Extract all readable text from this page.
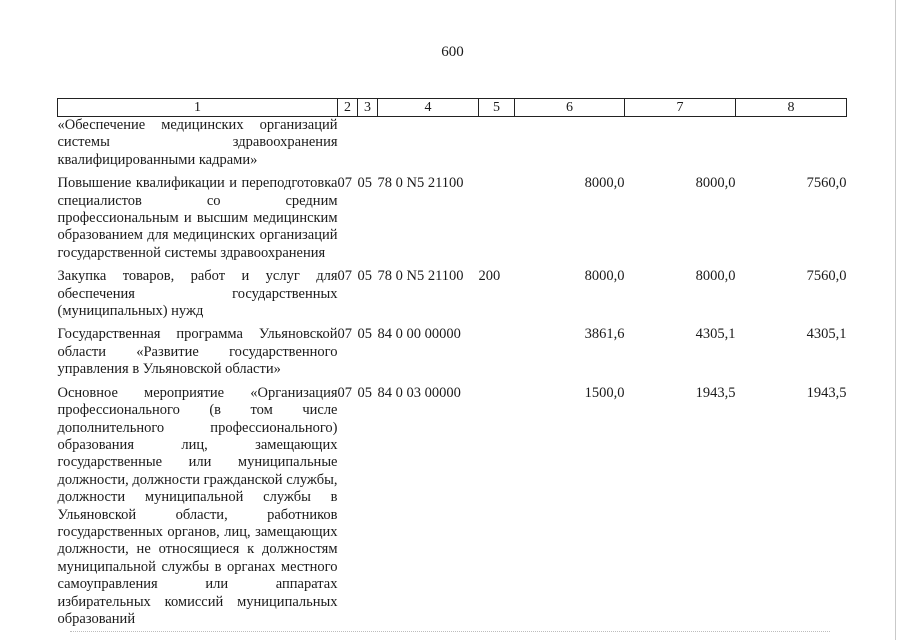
600
1	2	3	4	5	6	7	8
«Обеспечение медицинских организаций системы здравоохранения квалифицированными кадрами»							
Повышение квалификации и переподготовка специалистов со средним профессиональным и высшим медицинским образованием для медицинских организаций государственной системы здравоохранения	07	05	78 0 N5 21100		8000,0	8000,0	7560,0
Закупка товаров, работ и услуг для обеспечения государственных (муниципальных) нужд	07	05	78 0 N5 21100	200	8000,0	8000,0	7560,0
Государственная программа Ульяновской области «Развитие государственного управления в Ульяновской области»	07	05	84 0 00 00000		3861,6	4305,1	4305,1
Основное мероприятие «Организация профессионального (в том числе дополнительного профессионального) образования лиц, замещающих государственные или муниципальные должности, должности гражданской службы, должности муниципальной службы в Ульяновской области, работников государственных органов, лиц, замещающих должности, не относящиеся к должностям муниципальной службы в органах местного самоуправления или аппаратах избирательных комиссий муниципальных образований	07	05	84 0 03 00000		1500,0	1943,5	1943,5
